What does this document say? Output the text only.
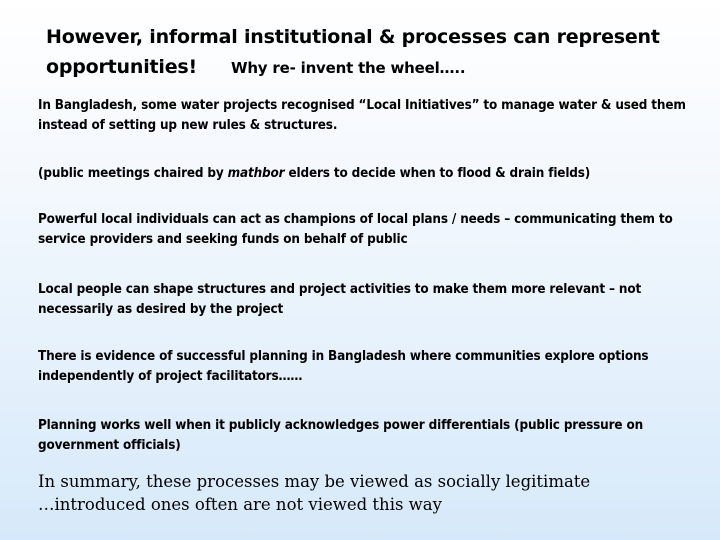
However, informal institutional & processes can represent
opportunities! Why re- invent the wheel…..
In Bangladesh, some water projects recognised “Local Initiatives” to manage water & used them instead of setting up new rules & structures.
(public meetings chaired by mathbor elders to decide when to flood & drain fields)
Powerful local individuals can act as champions of local plans / needs – communicating them to service providers and seeking funds on behalf of public
Local people can shape structures and project activities to make them more relevant – not necessarily as desired by the project
There is evidence of successful planning in Bangladesh where communities explore options independently of project facilitators……
Planning works well when it publicly acknowledges power differentials (public pressure on government officials)
In summary, these processes may be viewed as socially legitimate
…introduced ones often are not viewed this way
